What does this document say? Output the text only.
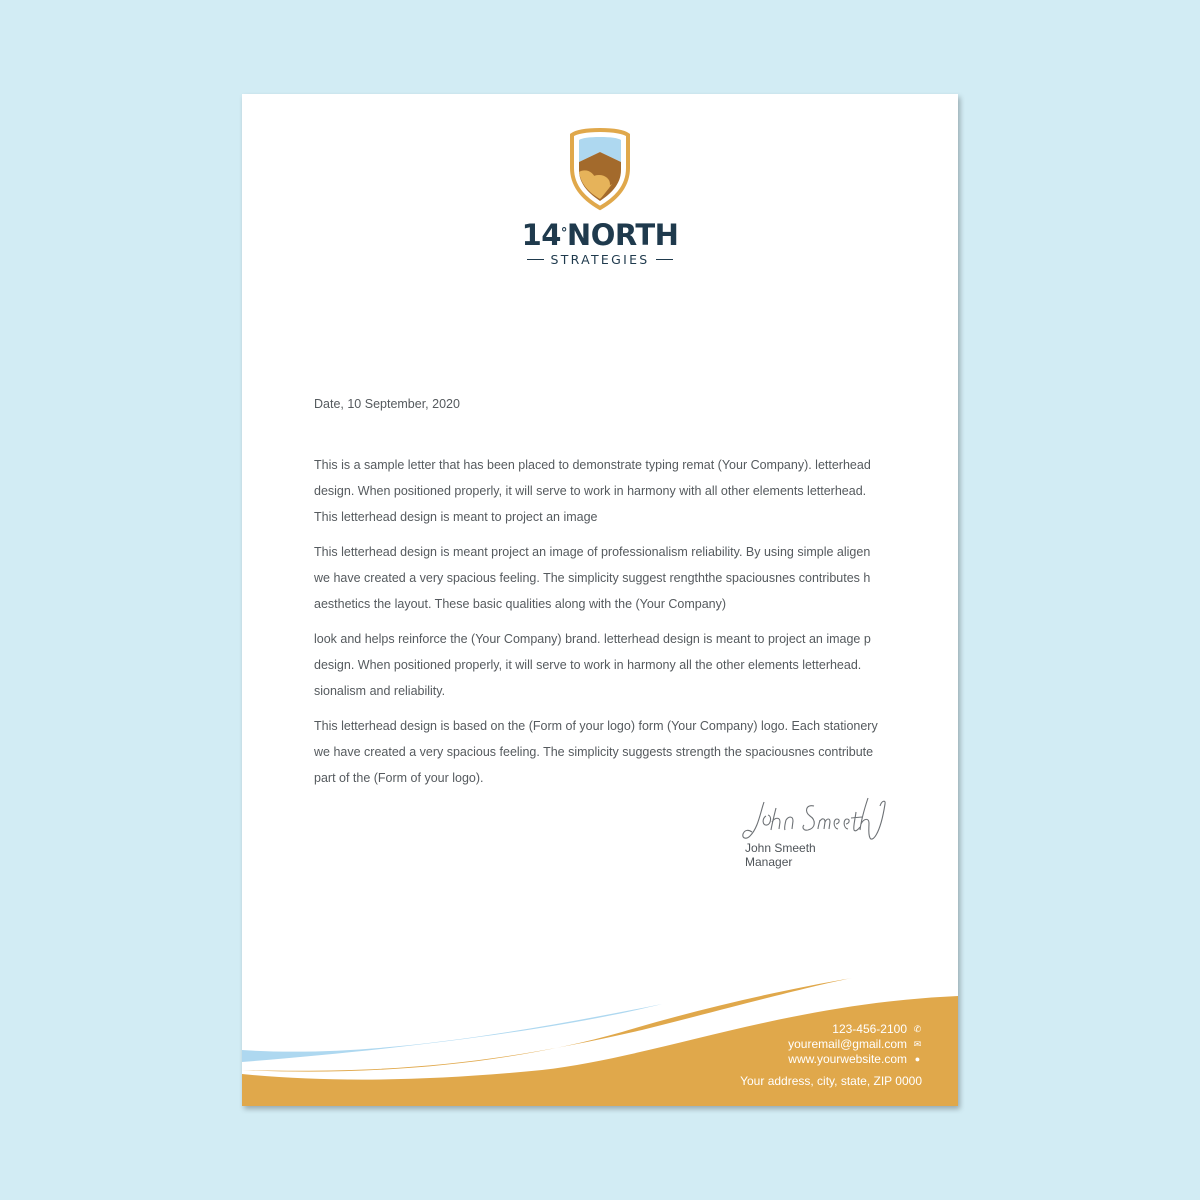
14°NORTH
STRATEGIES
Date, 10 September, 2020
This is a sample letter that has been placed to demonstrate typing remat (Your Company). letterhead
design. When positioned properly, it will serve to work in harmony with all other elements letterhead.
This letterhead design is meant to project an image
This letterhead design is meant project an image of professionalism reliability. By using simple aligen
we have created a very spacious feeling. The simplicity suggest rengththe spaciousnes contributes h
aesthetics the layout. These basic qualities along with the (Your Company)
look and helps reinforce the (Your Company) brand. letterhead design is meant to project an image p
design. When positioned properly, it will serve to work in harmony all the other elements letterhead.
sionalism and reliability.
This letterhead design is based on the (Form of your logo) form (Your Company) logo. Each stationery
we have created a very spacious feeling. The simplicity suggests strength the spaciousnes contribute
part of the (Form of your logo).
John Smeeth
Manager
123-456-2100 ✆
youremail@gmail.com ✉
www.yourwebsite.com ●
Your address, city, state, ZIP 0000
